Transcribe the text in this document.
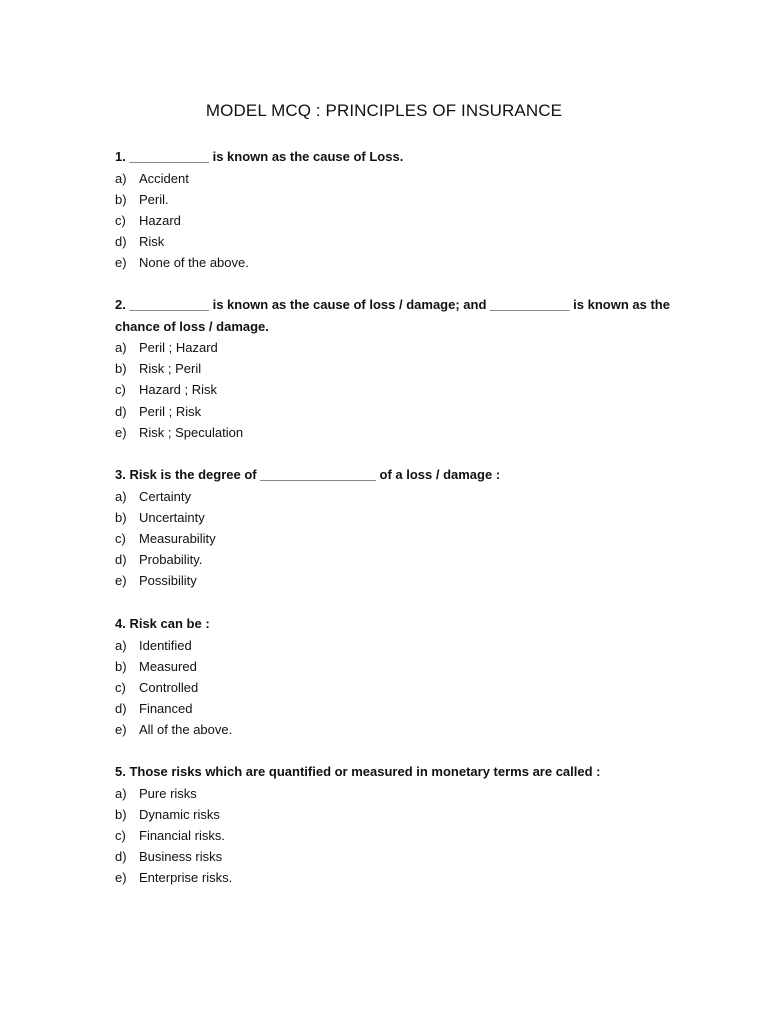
MODEL MCQ : PRINCIPLES OF INSURANCE

1. ___________ is known as the cause of Loss.

a) Accident
b) Peril.
c)	Hazard
d) Risk
e) None of the above.

2. ___________ is known as the cause of loss / damage; and ___________ is known as the      chance of loss / damage.

a) Peril ; Hazard
b) Risk ; Peril
c)	Hazard ; Risk
d) Peril ; Risk
e) Risk ; Speculation

3. Risk is the degree of ________________ of a loss / damage :

a) Certainty
b) Uncertainty
c)	Measurability
d) Probability.
e) Possibility

4. Risk can be :

a) Identified
b) Measured
c)	Controlled
d) Financed
e) All of the above.

5. Those risks which are quantified or measured in monetary terms are called :

a) Pure risks
b) Dynamic risks
c)	Financial risks.
d) Business risks
e) Enterprise risks.
